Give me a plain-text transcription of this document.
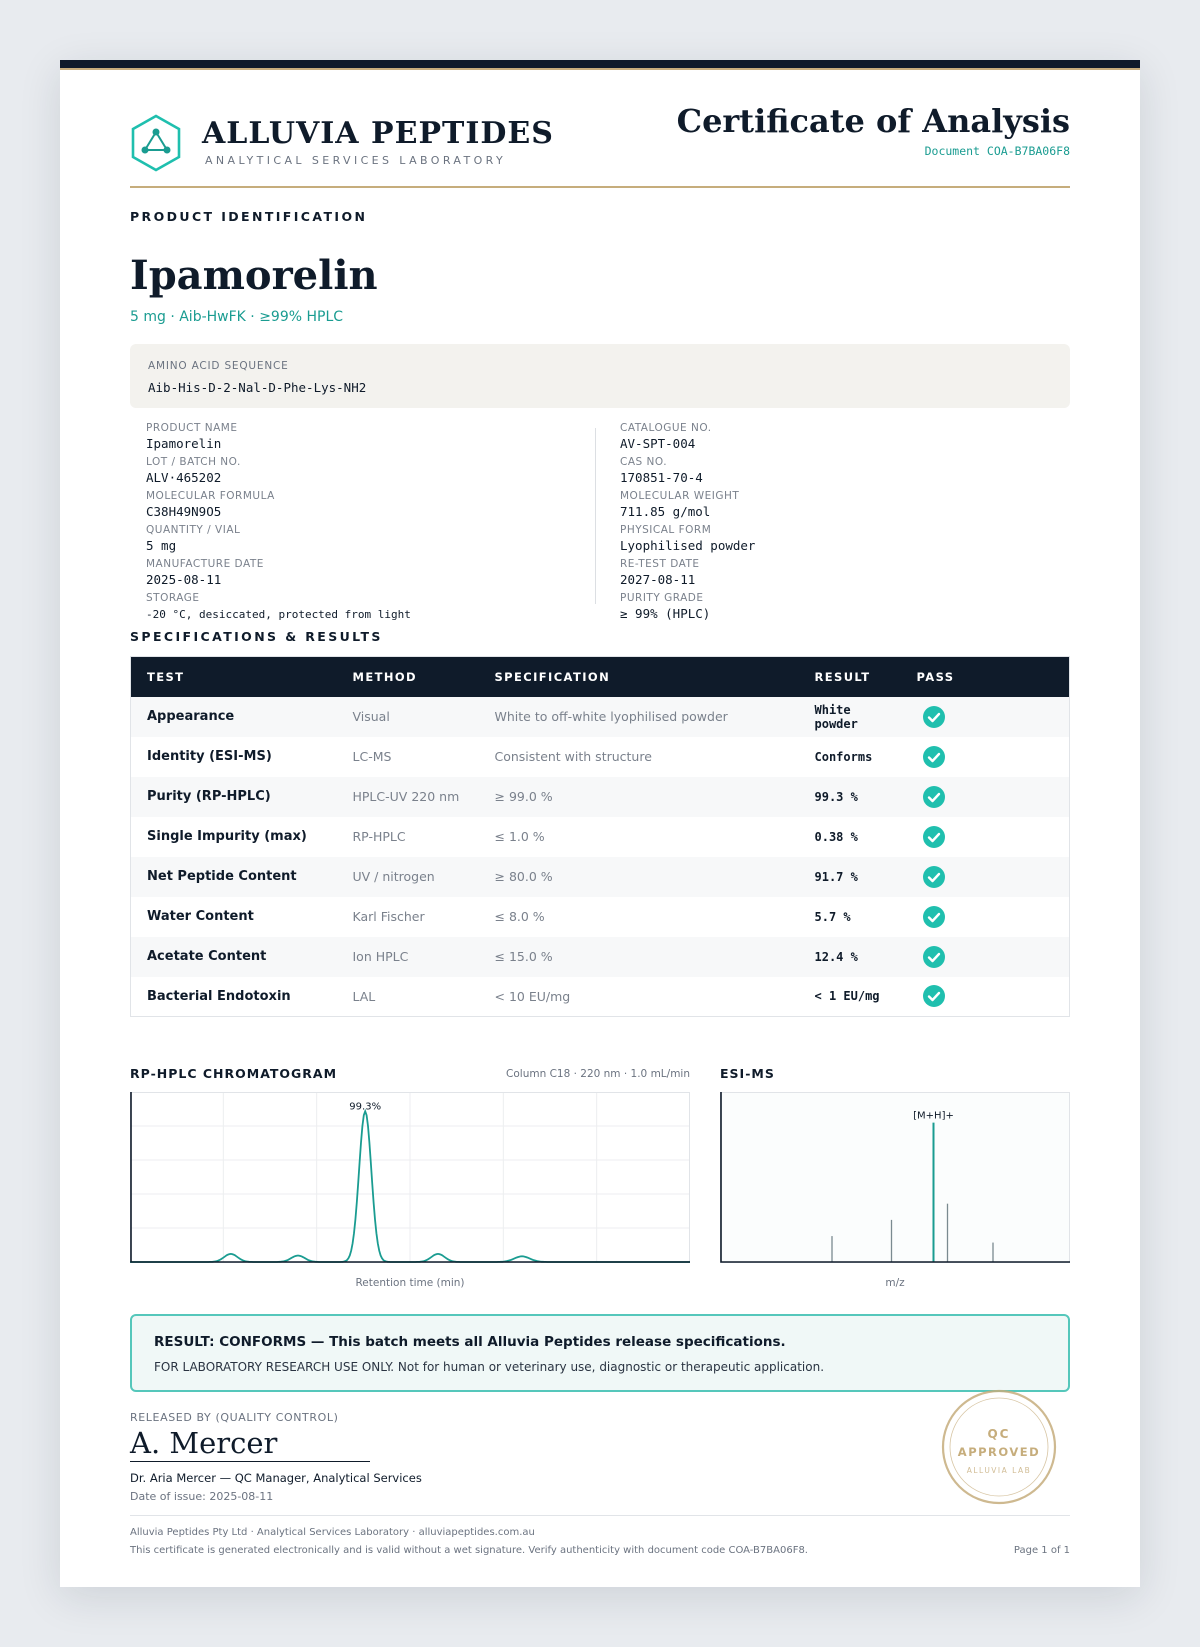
ALLUVIA PEPTIDES
ANALYTICAL SERVICES LABORATORY
Certificate of Analysis
Document COA-B7BA06F8
PRODUCT IDENTIFICATION
Ipamorelin
5 mg · Aib-HwFK · ≥99% HPLC
AMINO ACID SEQUENCE
Aib-His-D-2-Nal-D-Phe-Lys-NH2
PRODUCT NAME
Ipamorelin
LOT / BATCH NO.
ALV·465202
MOLECULAR FORMULA
C38H49N9O5
QUANTITY / VIAL
5 mg
MANUFACTURE DATE
2025-08-11
STORAGE
-20 °C, desiccated, protected from light
CATALOGUE NO.
AV-SPT-004
CAS NO.
170851-70-4
MOLECULAR WEIGHT
711.85 g/mol
PHYSICAL FORM
Lyophilised powder
RE-TEST DATE
2027-08-11
PURITY GRADE
≥ 99% (HPLC)
SPECIFICATIONS & RESULTS
TEST	METHOD	SPECIFICATION	RESULT	PASS
Appearance	Visual	White to off-white lyophilised powder	White powder	

Identity (ESI-MS)	LC-MS	Consistent with structure	Conforms	

Purity (RP-HPLC)	HPLC-UV 220 nm	≥ 99.0 %	99.3 %	

Single Impurity (max)	RP-HPLC	≤ 1.0 %	0.38 %	

Net Peptide Content	UV / nitrogen	≥ 80.0 %	91.7 %	

Water Content	Karl Fischer	≤ 8.0 %	5.7 %	

Acetate Content	Ion HPLC	≤ 15.0 %	12.4 %	

Bacterial Endotoxin	LAL	< 10 EU/mg	< 1 EU/mg	
RP-HPLC CHROMATOGRAM	Column C18 · 220 nm · 1.0 mL/min
99.3%
Retention time (min)
ESI-MS
[M+H]+
m/z
RESULT: CONFORMS — This batch meets all Alluvia Peptides release specifications.
FOR LABORATORY RESEARCH USE ONLY. Not for human or veterinary use, diagnostic or therapeutic application.
RELEASED BY (QUALITY CONTROL)
A. Mercer
Dr. Aria Mercer — QC Manager, Analytical Services
Date of issue: 2025-08-11
QC
APPROVED
ALLUVIA LAB
Alluvia Peptides Pty Ltd · Analytical Services Laboratory · alluviapeptides.com.au
This certificate is generated electronically and is valid without a wet signature. Verify authenticity with document code COA-B7BA06F8.	Page 1 of 1
